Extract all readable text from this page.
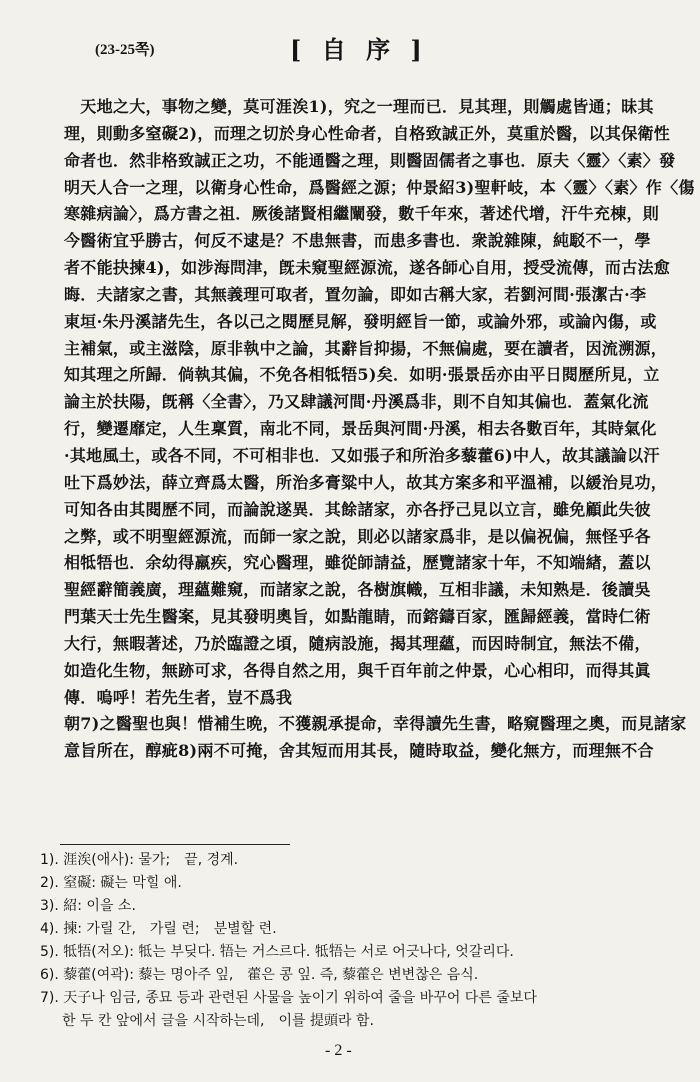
(23-25쪽)	[ 自 序 ]
　天地之大，事物之變，莫可涯涘1)，究之一理而已．見其理，則觸處皆通；昧其
理，則動多窒礙2)，而理之切於身心性命者，自格致誠正外，莫重於醫，以其保衛性
命者也．然非格致誠正之功，不能通醫之理，則醫固儒者之事也．原夫〈靈〉〈素〉發
明天人合一之理，以衛身心性命，爲醫經之源；仲景紹3)聖軒岐，本〈靈〉〈素〉作〈傷
寒雜病論〉，爲方書之祖．厥後諸賢相繼闡發，數千年來，著述代增，汗牛充棟，則
今醫術宜乎勝古，何反不逮是？不患無書，而患多書也．衆說雜陳，純駁不一，學
者不能抉揀4)，如涉海問津，旣未窺聖經源流，遂各師心自用，授受流傳，而古法愈
晦．夫諸家之書，其無義理可取者，置勿論，即如古稱大家，若劉河間·張潔古·李
東垣·朱丹溪諸先生，各以己之閱歷見解，發明經旨一節，或論外邪，或論內傷，或
主補氣，或主滋陰，原非執中之論，其辭旨抑揚，不無偏處，要在讀者，因流溯源，
知其理之所歸．倘執其偏，不免各相牴牾5)矣．如明·張景岳亦由平日閱歷所見，立
論主於扶陽，旣稱〈全書〉，乃又肆議河間·丹溪爲非，則不自知其偏也．蓋氣化流
行，變遷靡定，人生稟質，南北不同，景岳與河間·丹溪，相去各數百年，其時氣化
·其地風土，或各不同，不可相非也．又如張子和所治多藜藿6)中人，故其議論以汗
吐下爲妙法，薛立齊爲太醫，所治多膏粱中人，故其方案多和平溫補，以緩治見功，
可知各由其閱歷不同，而論說遂異．其餘諸家，亦各抒己見以立言，雖免顧此失彼
之弊，或不明聖經源流，而師一家之說，則必以諸家爲非，是以偏祝偏，無怪乎各
相牴牾也．余幼得羸疾，究心醫理，雖從師請益，歷覽諸家十年，不知端緖，蓋以
聖經辭簡義廣，理蘊難窺，而諸家之說，各樹旗幟，互相非議，未知熟是．後讀吳
門葉天士先生醫案，見其發明奧旨，如點龍睛，而鎔鑄百家，匯歸經義，當時仁術
大行，無暇著述，乃於臨證之頃，隨病設施，揭其理蘊，而因時制宜，無法不備，
如造化生物，無跡可求，各得自然之用，與千百年前之仲景，心心相印，而得其眞
傳．嗚呼！若先生者，豈不爲我
朝7)之醫聖也與！惜補生晩，不獲親承提命，幸得讀先生書，略窺醫理之奧，而見諸家
意旨所在，醇疵8)兩不可掩，舍其短而用其長，隨時取益，變化無方，而理無不合
1). 涯涘(애사): 물가;　끝, 경계.
2). 窒礙: 礙는 막힐 애.
3). 紹: 이을 소.
4). 揀: 가릴 간,　가릴 련;　분별할 련.
5). 牴牾(저오): 牴는 부딪다. 牾는 거스르다. 牴牾는 서로 어긋나다, 엇갈리다.
6). 藜藿(여곽): 藜는 명아주 잎,　藿은 콩 잎. 즉, 藜藿은 변변찮은 음식.
7). 天子나 임금, 종묘 등과 관련된 사물을 높이기 위하여 줄을 바꾸어 다른 줄보다
한 두 칸 앞에서 글을 시작하는데,　이를 提頭라 함.
- 2 -
